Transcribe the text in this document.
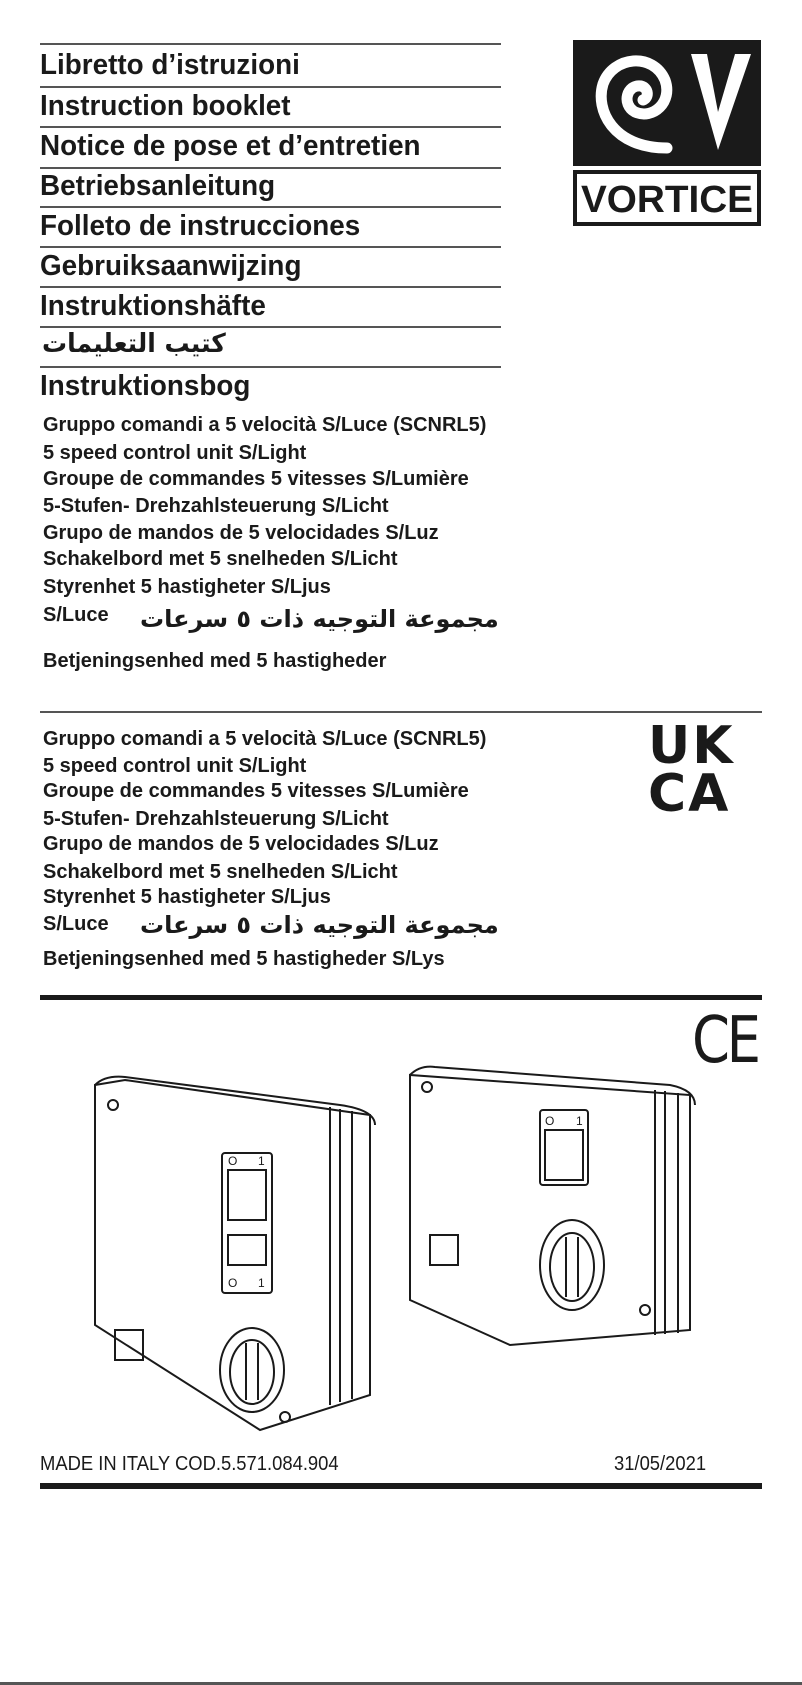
Libretto d’istruzioni
Instruction booklet
Notice de pose et d’entretien
Betriebsanleitung
Folleto de instrucciones
Gebruiksaanwijzing
Instruktionshäfte
كتيب التعليمات
Instruktionsbog
VORTICE
Gruppo comandi a 5 velocità S/Luce (SCNRL5)
5 speed control unit S/Light
Groupe de commandes 5 vitesses S/Lumière
5-Stufen- Drehzahlsteuerung S/Licht
Grupo de mandos de 5 velocidades S/Luz
Schakelbord met 5 snelheden S/Licht
Styrenhet 5 hastigheter S/Ljus
S/Luce مجموعة التوجيه ذات ٥ سرعات
Betjeningsenhed med 5 hastigheder
Gruppo comandi a 5 velocità S/Luce (SCNRL5)
5 speed control unit S/Light
Groupe de commandes 5 vitesses S/Lumière
5-Stufen- Drehzahlsteuerung S/Licht
Grupo de mandos de 5 velocidades S/Luz
Schakelbord met 5 snelheden S/Licht
Styrenhet 5 hastigheter S/Ljus
S/Luce مجموعة التوجيه ذات ٥ سرعات
Betjeningsenhed med 5 hastigheder S/Lys
UK
CA
CE
O 1
O 1
O 1
MADE IN ITALY COD.5.571.084.904	31/05/2021
